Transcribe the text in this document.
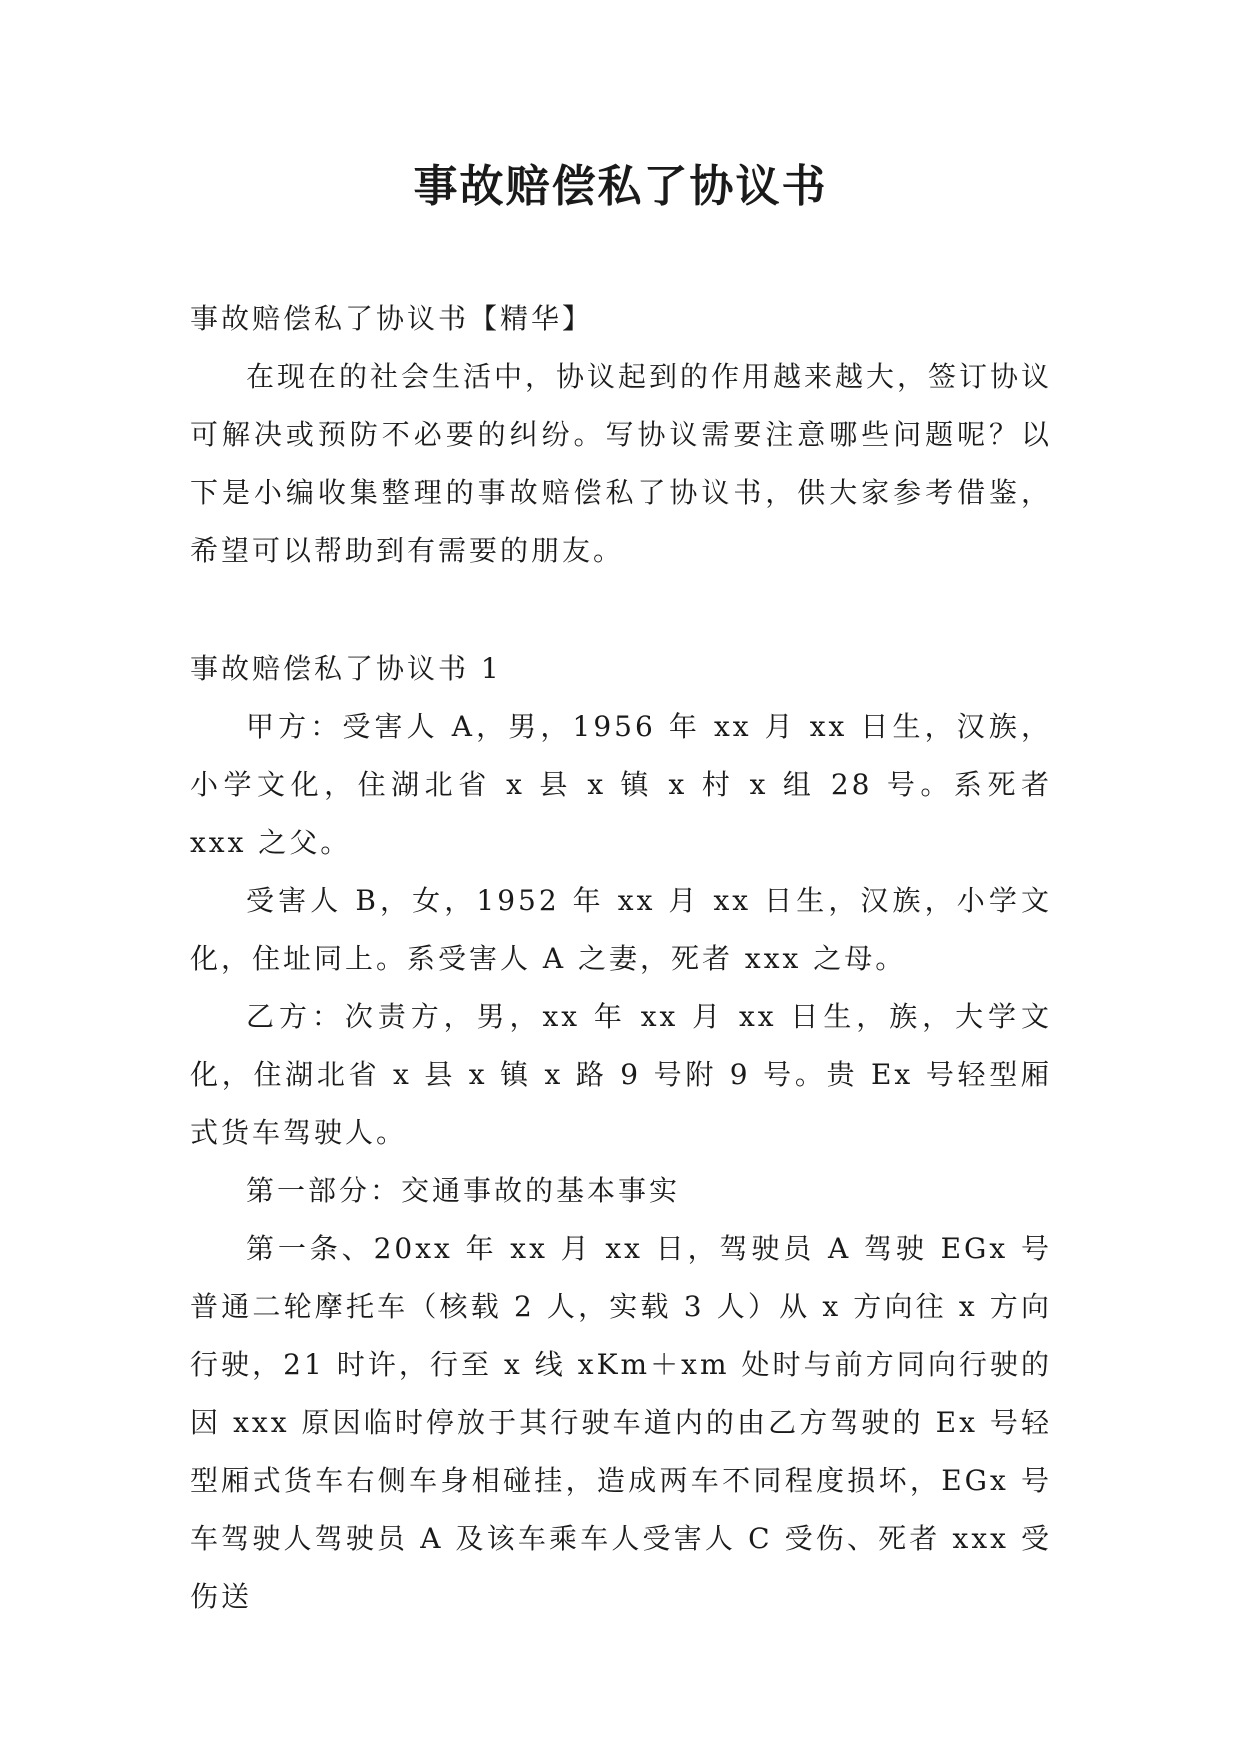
事故赔偿私了协议书

事故赔偿私了协议书【精华】

在现在的社会生活中，协议起到的作用越来越大，签订协议可解决或预防不必要的纠纷。写协议需要注意哪些问题呢？以下是小编收集整理的事故赔偿私了协议书，供大家参考借鉴，希望可以帮助到有需要的朋友。

事故赔偿私了协议书 1

甲方：受害人 A，男，1956 年 xx 月 xx 日生，汉族，小学文化，住湖北省 x 县 x 镇 x 村 x 组 28 号。系死者 xxx 之父。

受害人 B，女，1952 年 xx 月 xx 日生，汉族，小学文化，住址同上。系受害人 A 之妻，死者 xxx 之母。

乙方：次责方，男，xx 年 xx 月 xx 日生，族，大学文化，住湖北省 x 县 x 镇 x 路 9 号附 9 号。贵 Ex 号轻型厢式货车驾驶人。

第一部分：交通事故的基本事实

第一条、20xx 年 xx 月 xx 日，驾驶员 A 驾驶 EGx 号普通二轮摩托车（核载 2 人，实载 3 人）从 x 方向往 x 方向行驶，21 时许，行至 x 线 xKm＋xm 处时与前方同向行驶的因 xxx 原因临时停放于其行驶车道内的由乙方驾驶的 Ex 号轻型厢式货车右侧车身相碰挂，造成两车不同程度损坏，EGx 号车驾驶人驾驶员 A 及该车乘车人受害人 C 受伤、死者 xxx 受伤送
